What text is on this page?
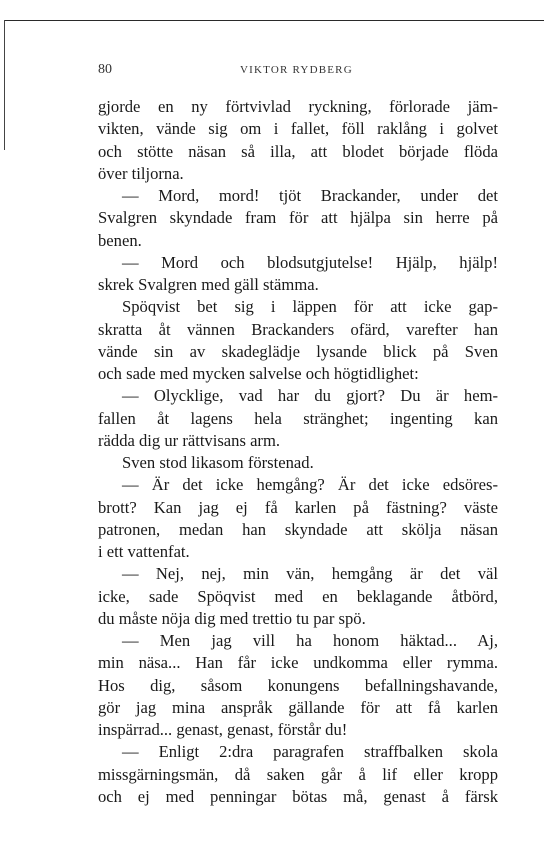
80	VIKTOR RYDBERG
gjorde en ny förtvivlad ryckning, förlorade jäm-
vikten, vände sig om i fallet, föll raklång i golvet
och stötte näsan så illa, att blodet började flöda
över tiljorna.
— Mord, mord! tjöt Brackander, under det
Svalgren skyndade fram för att hjälpa sin herre på
benen.
— Mord och blodsutgjutelse! Hjälp, hjälp!
skrek Svalgren med gäll stämma.
Spöqvist bet sig i läppen för att icke gap-
skratta åt vännen Brackanders ofärd, varefter han
vände sin av skadeglädje lysande blick på Sven
och sade med mycken salvelse och högtidlighet:
— Olycklige, vad har du gjort? Du är hem-
fallen åt lagens hela stränghet; ingenting kan
rädda dig ur rättvisans arm.
Sven stod likasom förstenad.
— Är det icke hemgång? Är det icke edsöres-
brott? Kan jag ej få karlen på fästning? väste
patronen, medan han skyndade att skölja näsan
i ett vattenfat.
— Nej, nej, min vän, hemgång är det väl
icke, sade Spöqvist med en beklagande åtbörd,
du måste nöja dig med trettio tu par spö.
— Men jag vill ha honom häktad... Aj,
min näsa... Han får icke undkomma eller rymma.
Hos dig, såsom konungens befallningshavande,
gör jag mina anspråk gällande för att få karlen
inspärrad... genast, genast, förstår du!
— Enligt 2:dra paragrafen straffbalken skola
missgärningsmän, då saken går å lif eller kropp
och ej med penningar bötas må, genast å färsk
